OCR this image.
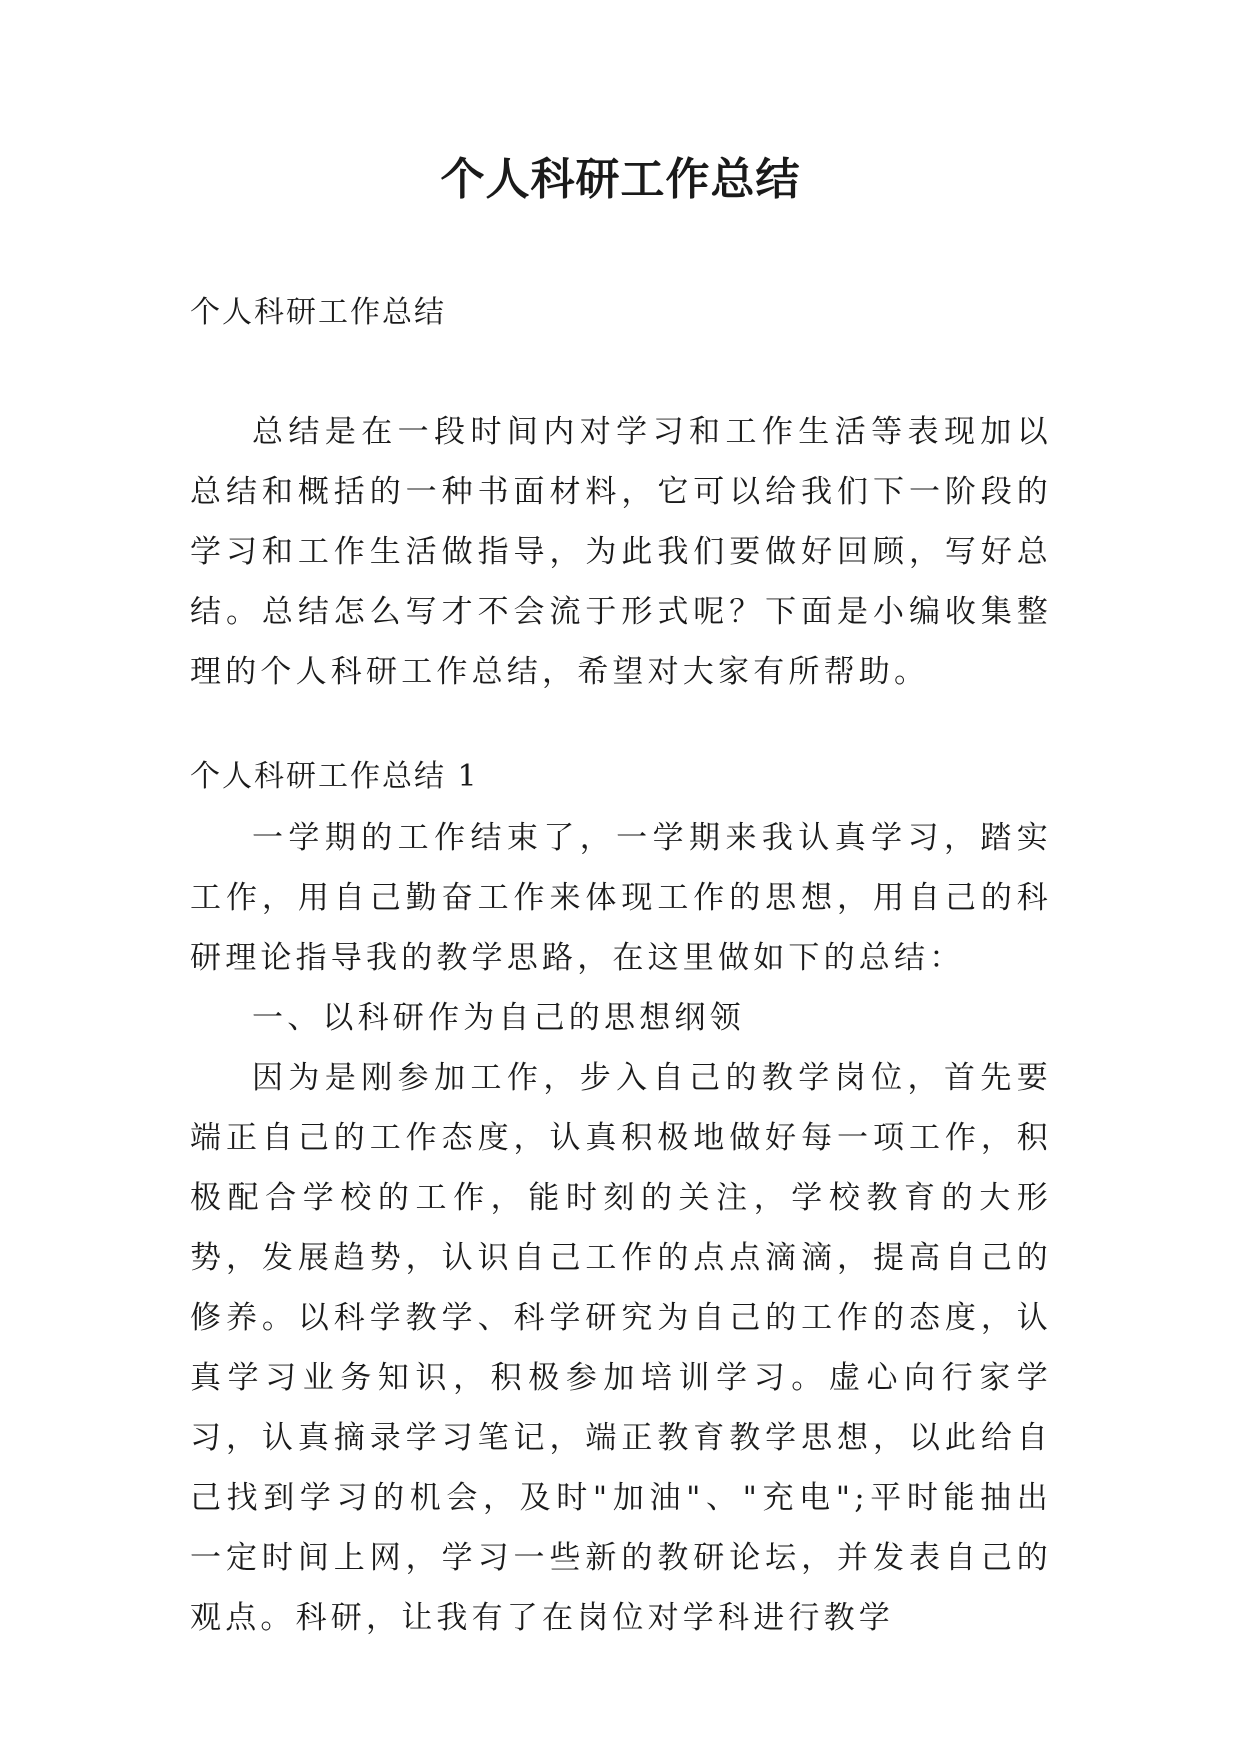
个人科研工作总结

个人科研工作总结

总结是在一段时间内对学习和工作生活等表现加以总结和概括的一种书面材料，它可以给我们下一阶段的学习和工作生活做指导，为此我们要做好回顾，写好总结。总结怎么写才不会流于形式呢？下面是小编收集整理的个人科研工作总结，希望对大家有所帮助。

个人科研工作总结 1

一学期的工作结束了，一学期来我认真学习，踏实工作，用自己勤奋工作来体现工作的思想，用自己的科研理论指导我的教学思路，在这里做如下的总结：

一、以科研作为自己的思想纲领

因为是刚参加工作，步入自己的教学岗位，首先要端正自己的工作态度，认真积极地做好每一项工作，积极配合学校的工作，能时刻的关注，学校教育的大形势，发展趋势，认识自己工作的点点滴滴，提高自己的修养。以科学教学、科学研究为自己的工作的态度，认真学习业务知识，积极参加培训学习。虚心向行家学习，认真摘录学习笔记，端正教育教学思想，以此给自己找到学习的机会，及时"加油"、"充电";平时能抽出一定时间上网，学习一些新的教研论坛，并发表自己的观点。科研，让我有了在岗位对学科进行教学
